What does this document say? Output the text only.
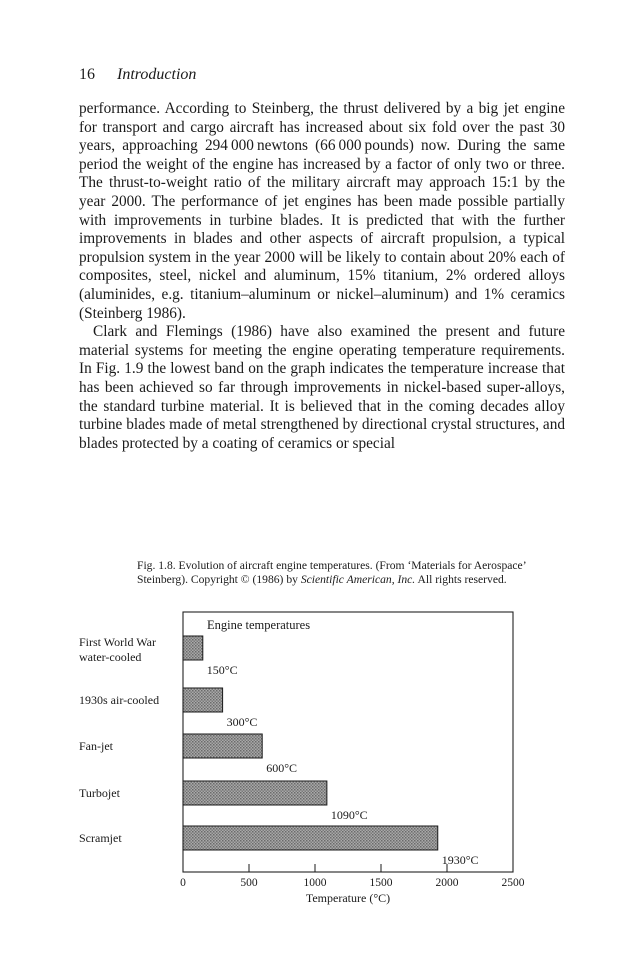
16 Introduction

performance. According to Steinberg, the thrust delivered by a big jet engine for transport and cargo aircraft has increased about six fold over the past 30 years, approaching 294 000 newtons (66 000 pounds) now. During the same period the weight of the engine has increased by a factor of only two or three. The thrust-to-weight ratio of the military aircraft may approach 15:1 by the year 2000. The performance of jet engines has been made possible partially with improvements in turbine blades. It is predicted that with the further improvements in blades and other aspects of aircraft propulsion, a typical propulsion system in the year 2000 will be likely to contain about 20% each of composites, steel, nickel and aluminum, 15% titanium, 2% ordered alloys (aluminides, e.g. titanium–aluminum or nickel–aluminum) and 1% ceramics (Steinberg 1986).

Clark and Flemings (1986) have also examined the present and future material systems for meeting the engine operating temperature requirements. In Fig. 1.9 the lowest band on the graph indicates the temperature increase that has been achieved so far through improvements in nickel-based super-alloys, the standard turbine material. It is believed that in the coming decades alloy turbine blades made of metal strengthened by directional crystal structures, and blades protected by a coating of ceramics or special

Fig. 1.8. Evolution of aircraft engine temperatures. (From ‘Materials for Aerospace’ Steinberg). Copyright © (1986) by Scientific American, Inc. All rights reserved.
Engine temperatures
First World War
water-cooled
150°C
1930s air-cooled
300°C
Fan-jet
600°C
Turbojet
1090°C
Scramjet
1930°C
0	500	1000	1500	2000	2500
Temperature (°C)
